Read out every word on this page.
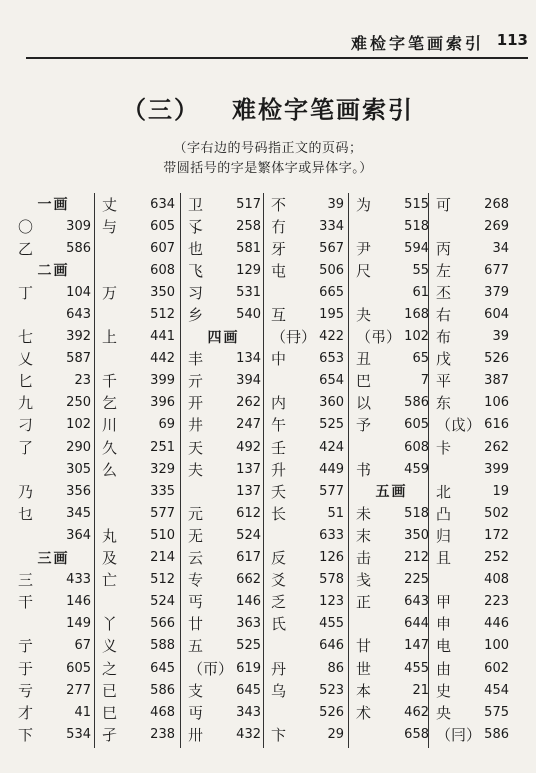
难检字笔画索引 113
（三） 难检字笔画索引
（字右边的号码指正文的页码；
带圆括号的字是繁体字或异体字。）
一画
〇	309
乙	586
二画
丁	104
643
七	392
乂	587
匕	23
九	250
刁	102
了	290
305
乃	356
乜	345
364
三画
三	433
干	146
149
亍	67
于	605
亏	277
才	41
下	534
丈	634
与	605
607
608
万	350
512
上	441
442
千	399
乞	396
川	69
久	251
么	329
335
577
丸	510
及	214
亡	512
524
丫	566
义	588
之	645
已	586
巳	468
孑	238
卫	517
孓	258
也	581
飞	129
习	531
乡	540
四画
丰	134
亓	394
开	262
井	247
天	492
夫	137
137
元	612
无	524
云	617
专	662
丐	146
廿	363
五	525
（帀） 619
支	645
丏	343
卅	432
不	39
冇	334
牙	567
屯	506
665
互	195
（冄） 422
中	653
654
内	360
午	525
壬	424
升	449
夭	577
长	51
633
反	126
爻	578
乏	123
氏	455
646
丹	86
乌	523
526
卞	29
为	515
518
尹	594
尺	55
61
夬	168
（弔） 102
丑	65
巴	7
以	586
予	605
608
书	459
五画
未	518
末	350
击	212
戋	225
正	643
644
甘	147
世	455
本	21
术	462
658
可	268
269
丙	34
左	677
丕	379
右	604
布	39
戊	526
平	387
东	106
（戉） 616
卡	262
399
北	19
凸	502
归	172
且	252
408
甲	223
申	446
电	100
由	602
史	454
央	575
（冃） 586
